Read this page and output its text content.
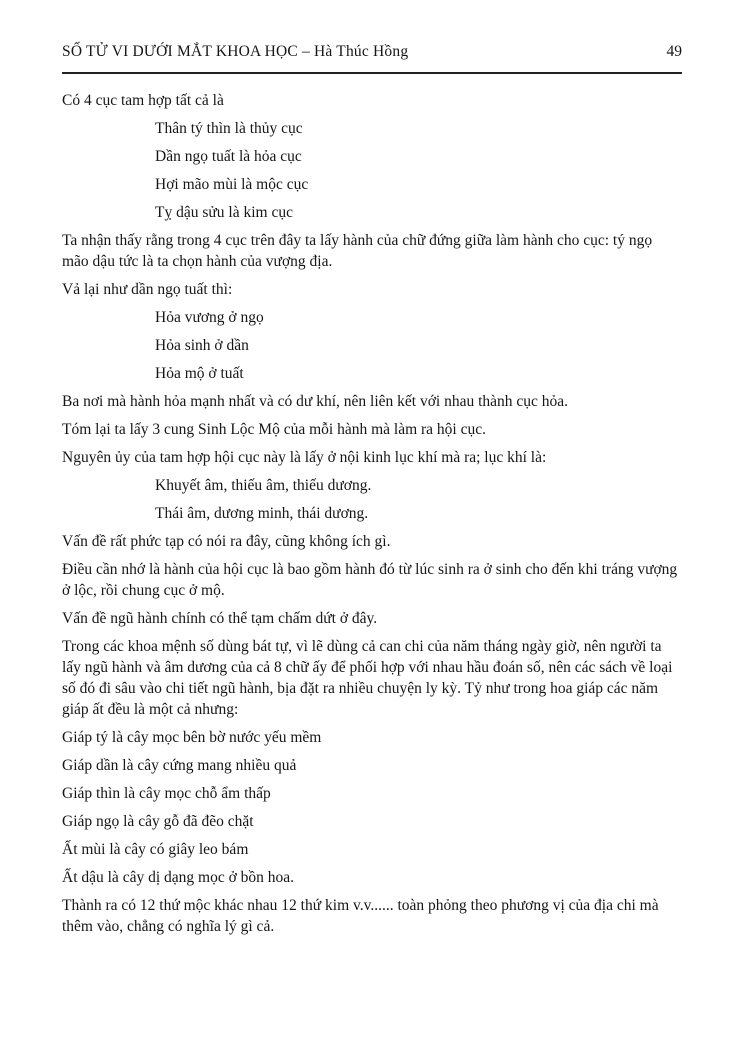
SỐ TỬ VI DƯỚI MẮT KHOA HỌC – Hà Thúc Hồng	49

Có 4 cục tam hợp tất cả là

Thân tý thìn là thủy cục

Dần ngọ tuất là hỏa cục

Hợi mão mùi là mộc cục

Tỵ dậu sửu là kim cục

Ta nhận thấy rằng trong 4 cục trên đây ta lấy hành của chữ đứng giữa làm hành cho cục: tý ngọ mão dậu tức là ta chọn hành của vượng địa.

Vả lại như dần ngọ tuất thì:

Hỏa vương ở ngọ

Hỏa sinh ở dần

Hỏa mộ ở tuất

Ba nơi mà hành hỏa mạnh nhất và có dư khí, nên liên kết với nhau thành cục hỏa.

Tóm lại ta lấy 3 cung Sinh Lộc Mộ của mỗi hành mà làm ra hội cục.

Nguyên ủy của tam hợp hội cục này là lấy ở nội kinh lục khí mà ra; lục khí là:

Khuyết âm, thiếu âm, thiếu dương.

Thái âm, dương minh, thái dương.

Vấn đề rất phức tạp có nói ra đây, cũng không ích gì.

Điều cần nhớ là hành của hội cục là bao gồm hành đó từ lúc sinh ra ở sinh cho đến khi tráng vượng ở lộc, rồi chung cục ở mộ.

Vấn đề ngũ hành chính có thể tạm chấm dứt ở đây.

Trong các khoa mệnh số dùng bát tự, vì lẽ dùng cả can chi của năm tháng ngày giờ, nên người ta lấy ngũ hành và âm dương của cả 8 chữ ấy để phối hợp với nhau hầu đoán số, nên các sách về loại số đó đi sâu vào chi tiết ngũ hành, bịa đặt ra nhiều chuyện ly kỳ. Tỷ như trong hoa giáp các năm giáp ất đều là một cả nhưng:

Giáp tý là cây mọc bên bờ nước yếu mềm

Giáp dần là cây cứng mang nhiều quả

Giáp thìn là cây mọc chỗ ẩm thấp

Giáp ngọ là cây gỗ đã đẽo chặt

Ất mùi là cây có giây leo bám

Ất dậu là cây dị dạng mọc ở bồn hoa.

Thành ra có 12 thứ mộc khác nhau 12 thứ kim v.v...... toàn phỏng theo phương vị của địa chi mà thêm vào, chẳng có nghĩa lý gì cả.
